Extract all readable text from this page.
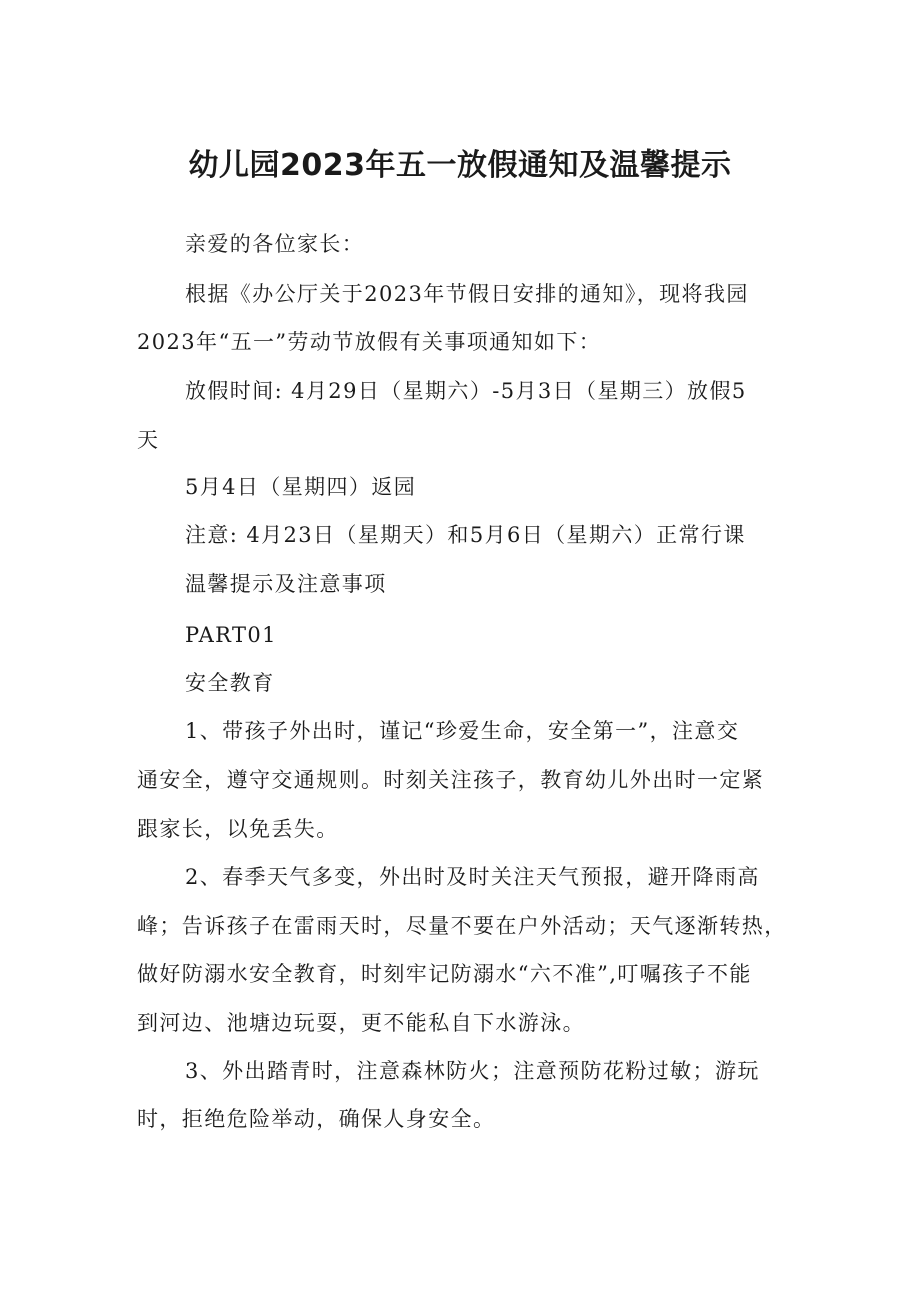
幼儿园2023年五一放假通知及温馨提示
亲爱的各位家长：
根据《办公厅关于2023年节假日安排的通知》，现将我园
2023年“五一”劳动节放假有关事项通知如下：
放假时间: 4月29日（星期六）-5月3日（星期三）放假5
天
5月4日（星期四）返园
注意: 4月23日（星期天）和5月6日（星期六）正常行课
温馨提示及注意事项
PART01
安全教育
1、带孩子外出时，谨记“珍爱生命，安全第一”，注意交
通安全，遵守交通规则。时刻关注孩子，教育幼儿外出时一定紧
跟家长，以免丢失。
2、春季天气多变，外出时及时关注天气预报，避开降雨高
峰；告诉孩子在雷雨天时，尽量不要在户外活动；天气逐渐转热，
做好防溺水安全教育，时刻牢记防溺水“六不准”,叮嘱孩子不能
到河边、池塘边玩耍，更不能私自下水游泳。
3、外出踏青时，注意森林防火；注意预防花粉过敏；游玩
时，拒绝危险举动，确保人身安全。
